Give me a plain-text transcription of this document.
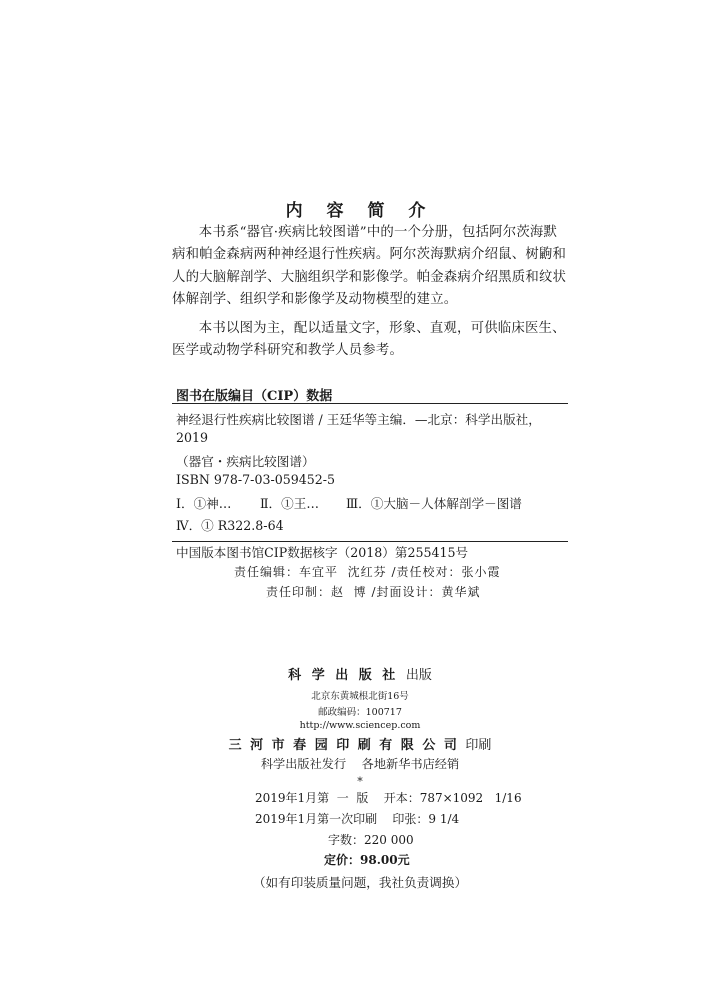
内 容 简 介

本书系“器官·疾病比较图谱”中的一个分册，包括阿尔茨海默病和帕金森病两种神经退行性疾病。阿尔茨海默病介绍鼠、树鼩和人的大脑解剖学、大脑组织学和影像学。帕金森病介绍黑质和纹状体解剖学、组织学和影像学及动物模型的建立。

本书以图为主，配以适量文字，形象、直观，可供临床医生、医学或动物学科研究和教学人员参考。

图书在版编目（CIP）数据
神经退行性疾病比较图谱 / 王廷华等主编．—北京：科学出版社，
2019
（器官・疾病比较图谱）
ISBN 978-7-03-059452-5
Ⅰ．①神… Ⅱ．①王… Ⅲ．①大脑－人体解剖学－图谱
Ⅳ．① R322.8-64
中国版本图书馆CIP数据核字（2018）第255415号
责任编辑：车宜平  沈红芬 /责任校对：张小霞
责任印制：赵  博 /封面设计：黄华斌
科 学 出 版 社 出版
北京东黄城根北街16号
邮政编码：100717
http://www.sciencep.com
三 河 市 春 园 印 刷 有 限 公 司 印刷
科学出版社发行    各地新华书店经销
*
2019年1月第  一  版    开本：787×1092   1/16
2019年1月第一次印刷    印张：9 1/4
字数：220 000
定价：98.00元
（如有印装质量问题，我社负责调换）
